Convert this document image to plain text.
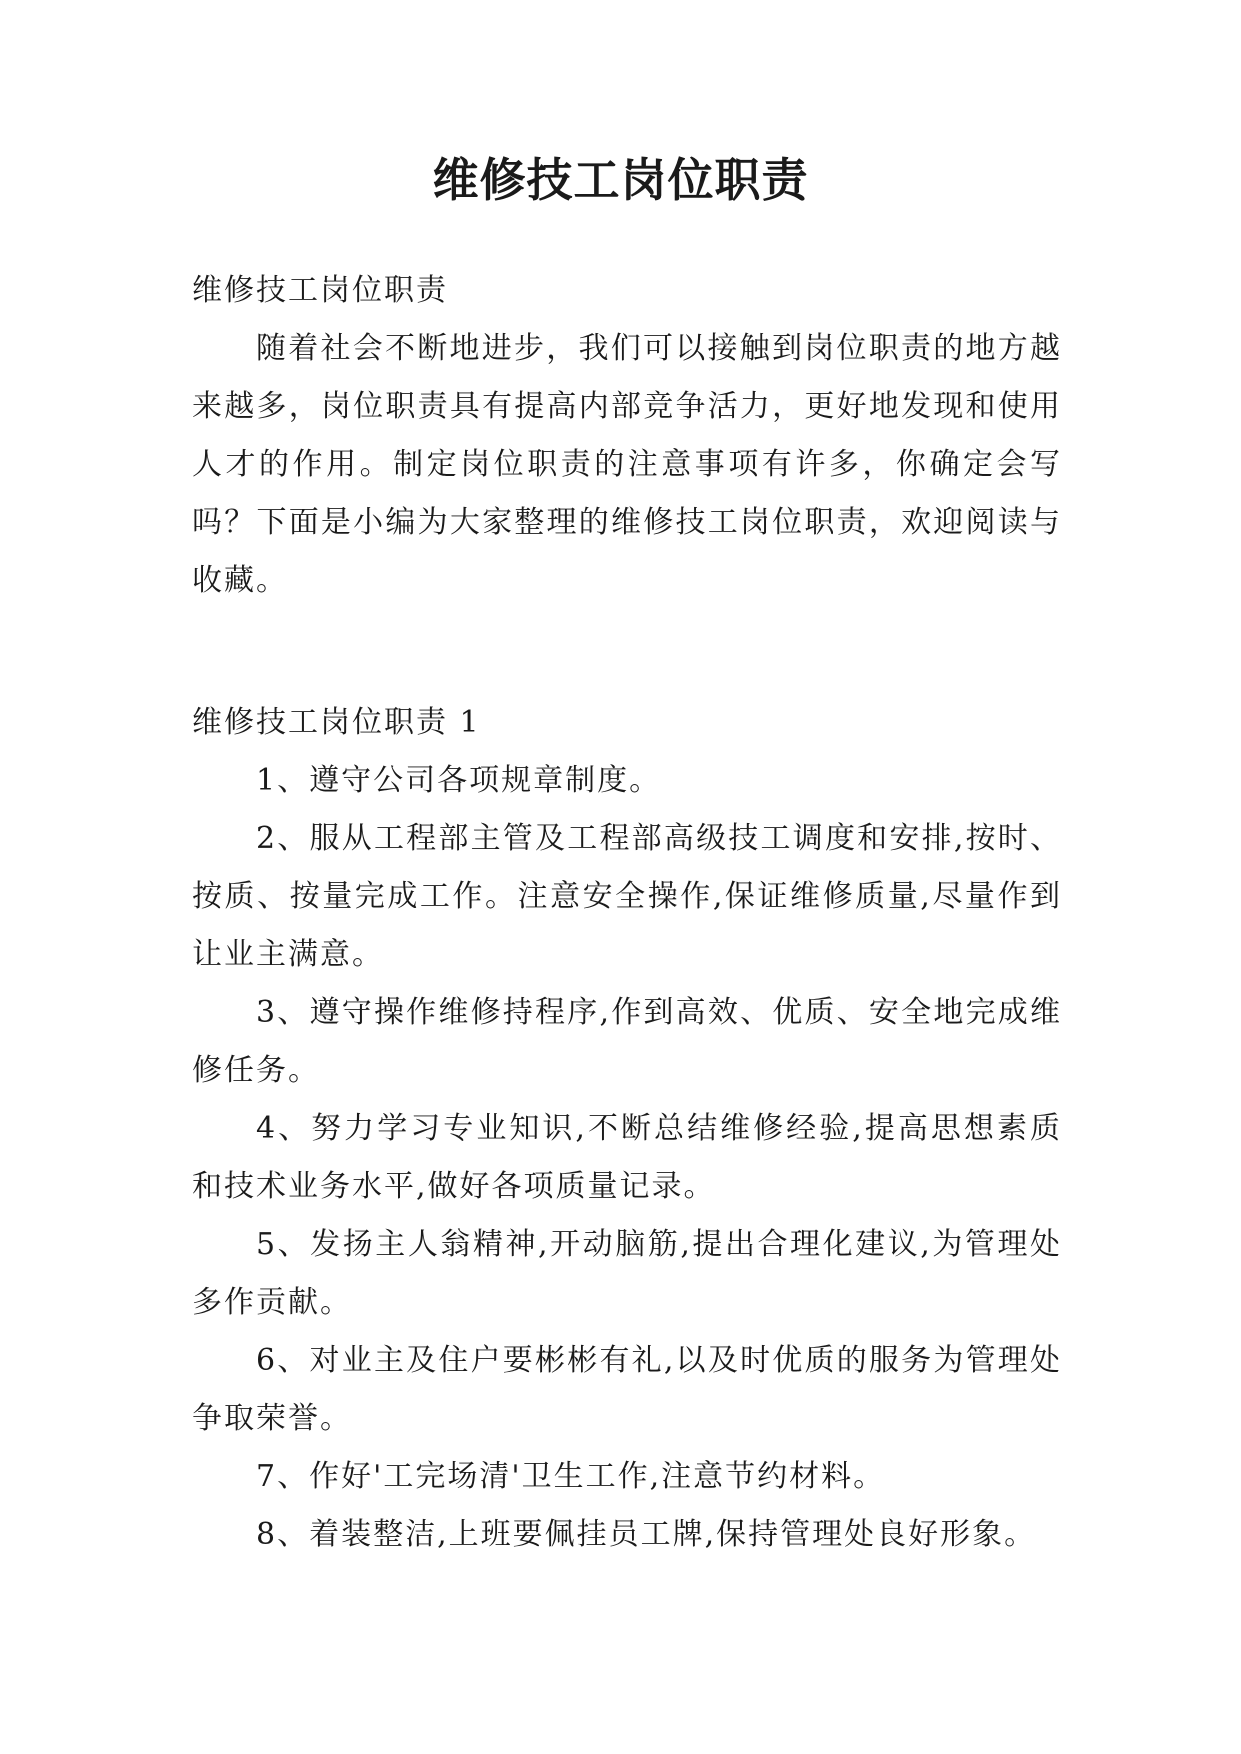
维修技工岗位职责

维修技工岗位职责

随着社会不断地进步，我们可以接触到岗位职责的地方越来越多，岗位职责具有提高内部竞争活力，更好地发现和使用人才的作用。制定岗位职责的注意事项有许多，你确定会写吗？下面是小编为大家整理的维修技工岗位职责，欢迎阅读与收藏。

维修技工岗位职责 1

1、遵守公司各项规章制度。

2、服从工程部主管及工程部高级技工调度和安排,按时、按质、按量完成工作。注意安全操作,保证维修质量,尽量作到让业主满意。

3、遵守操作维修持程序,作到高效、优质、安全地完成维修任务。

4、努力学习专业知识,不断总结维修经验,提高思想素质和技术业务水平,做好各项质量记录。

5、发扬主人翁精神,开动脑筋,提出合理化建议,为管理处多作贡献。

6、对业主及住户要彬彬有礼,以及时优质的服务为管理处争取荣誉。

7、作好'工完场清'卫生工作,注意节约材料。

8、着装整洁,上班要佩挂员工牌,保持管理处良好形象。
